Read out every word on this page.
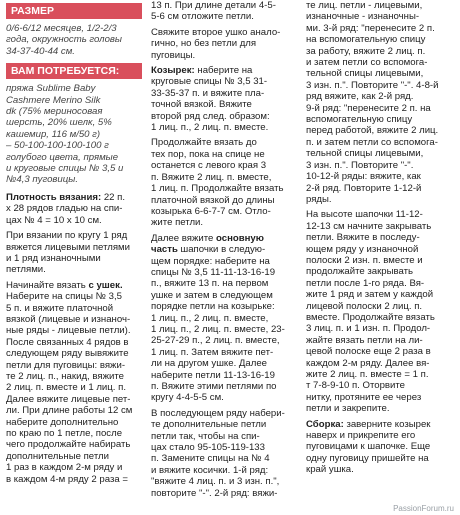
РАЗМЕР
0/6-6/12 месяцев, 1/2-2/3
года, окружность головы
34-37-40-44 см.
ВАМ ПОТРЕБУЕТСЯ:
пряжа Sublime Baby
Cashmere Merino Silk
dk (75% мериносовая
шерсть, 20% шелк, 5%
кашемир, 116 м/50 г)
– 50-100-100-100-100 г
голубого цвета, прямые
и круговые спицы № 3,5 и
№4,3 пуговицы.
Плотность вязания: 22 п.
х 28 рядов гладью на спи-
цах № 4 = 10 х 10 см.
При вязании по кругу 1 ряд
вяжется лицевыми петлями
и 1 ряд изнаночными петлями.
Начинайте вязать с ушек.
Наберите на спицы № 3,5
5 п. и вяжите платочной
вязкой (лицевые и изнаноч-
ные ряды - лицевые петли).
После связанных 4 рядов в
следующем ряду вывяжите
петли для пуговицы: вяжи-
те 2 лиц. п., накид, вяжите
2 лиц. п. вместе и 1 лиц. п.
Далее вяжите лицевые пет-
ли. При длине работы 12 см
наберите дополнительно
по краю по 1 петле, после
чего продолжайте набирать
дополнительные петли
1 раз в каждом 2-м ряду и
в каждом 4-м ряду 2 раза =
13 п. При длине детали 4-5-
5-6 см отложите петли.
Свяжите второе ушко анало-
гично, но без петли для
пуговицы.
Козырек: наберите на
круговые спицы № 3,5 31-
33-35-37 п. и вяжите пла-
точной вязкой. Вяжите
второй ряд след. образом:
1 лиц. п., 2 лиц. п. вместе.
Продолжайте вязать до
тех пор, пока на спице не
останется с левого края 3
п. Вяжите 2 лиц. п. вместе,
1 лиц. п. Продолжайте вязать
платочной вязкой до длины
козырька 6-6-7-7 см. Отло-
жите петли.
Далее вяжите основную
часть шапочки в следую-
щем порядке: наберите на
спицы № 3,5 11-11-13-16-19
п., вяжите 13 п. на первом
ушке и затем в следующем
порядке петли на козырьке:
1 лиц. п., 2 лиц. п. вместе,
1 лиц. п., 2 лиц. п. вместе, 23-
25-27-29 п., 2 лиц. п. вместе,
1 лиц. п. Затем вяжите пет-
ли на другом ушке. Далее
наберите петли 11-13-16-19
п. Вяжите этими петлями по
кругу 4-4-5-5 см.
В последующем ряду набери-
те дополнительные петли
петли так, чтобы на спи-
цах стало 95-105-119-133
п. Замените спицы на № 4
и вяжите косички. 1-й ряд:
"вяжите 4 лиц. п. и 3 изн. п.",
повторите "-". 2-й ряд: вяжи-
те лиц. петли - лицевыми,
изнаночные - изнаночны-
ми. 3-й ряд: "перенесите 2 п.
на вспомогательную спицу
за работу, вяжите 2 лиц. п.
и затем петли со вспомога-
тельной спицы лицевыми,
3 изн. п.". Повторите "-". 4-8-й
ряд вяжите, как 2-й ряд.
9-й ряд: "перенесите 2 п. на
вспомогательную спицу
перед работой, вяжите 2 лиц.
п. и затем петли со вспомога-
тельной спицы лицевыми,
3 изн. п.". Повторите "-".
10-12-й ряды: вяжите, как
2-й ряд. Повторите 1-12-й
ряды.
На высоте шапочки 11-12-
12-13 см начните закрывать
петли. Вяжите в последу-
ющем ряду у изнаночной
полоски 2 изн. п. вместе и
продолжайте закрывать
петли после 1-го ряда. Вя-
жите 1 ряд и затем у каждой
лицевой полоски 2 лиц. п.
вместе. Продолжайте вязать
3 лиц. п. и 1 изн. п. Продол-
жайте вязать петли на ли-
цевой полоске еще 2 раза в
каждом 2-м ряду. Далее вя-
жите 2 лиц. п. вместе = 1 п.
т 7-8-9-10 п. Оторвите
нитку, протяните ее через
петли и закрепите.
Сборка: заверните козырек
наверх и прикрепите его
пуговицами к шапочке. Еще
одну пуговицу пришейте на
край ушка.
PassionForum.ru
